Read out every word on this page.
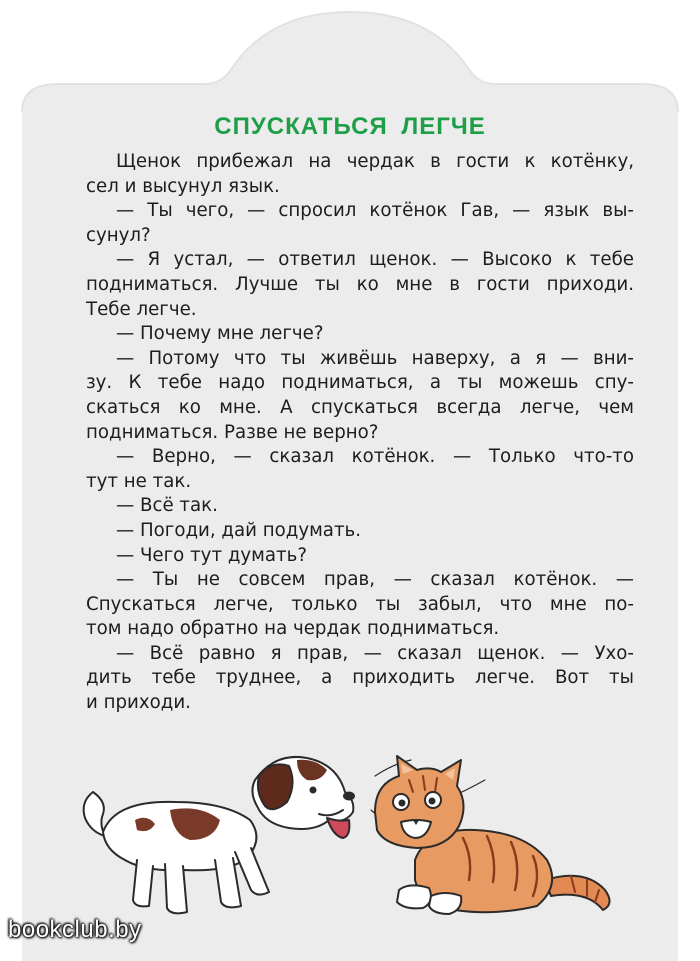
СПУСКАТЬСЯ ЛЕГЧЕ
Щенок прибежал на чердак в гости к котёнку,
сел и высунул язык.
— Ты чего, — спросил котёнок Гав, — язык вы-
сунул?
— Я устал, — ответил щенок. — Высоко к тебе
подниматься. Лучше ты ко мне в гости приходи.
Тебе легче.
— Почему мне легче?
— Потому что ты живёшь наверху, а я — вни-
зу. К тебе надо подниматься, а ты можешь спу-
скаться ко мне. А спускаться всегда легче, чем
подниматься. Разве не верно?
— Верно, — сказал котёнок. — Только что-то
тут не так.
— Всё так.
— Погоди, дай подумать.
— Чего тут думать?
— Ты не совсем прав, — сказал котёнок. —
Спускаться легче, только ты забыл, что мне по-
том надо обратно на чердак подниматься.
— Всё равно я прав, — сказал щенок. — Ухо-
дить тебе труднее, а приходить легче. Вот ты
и приходи.
bookclub.by
